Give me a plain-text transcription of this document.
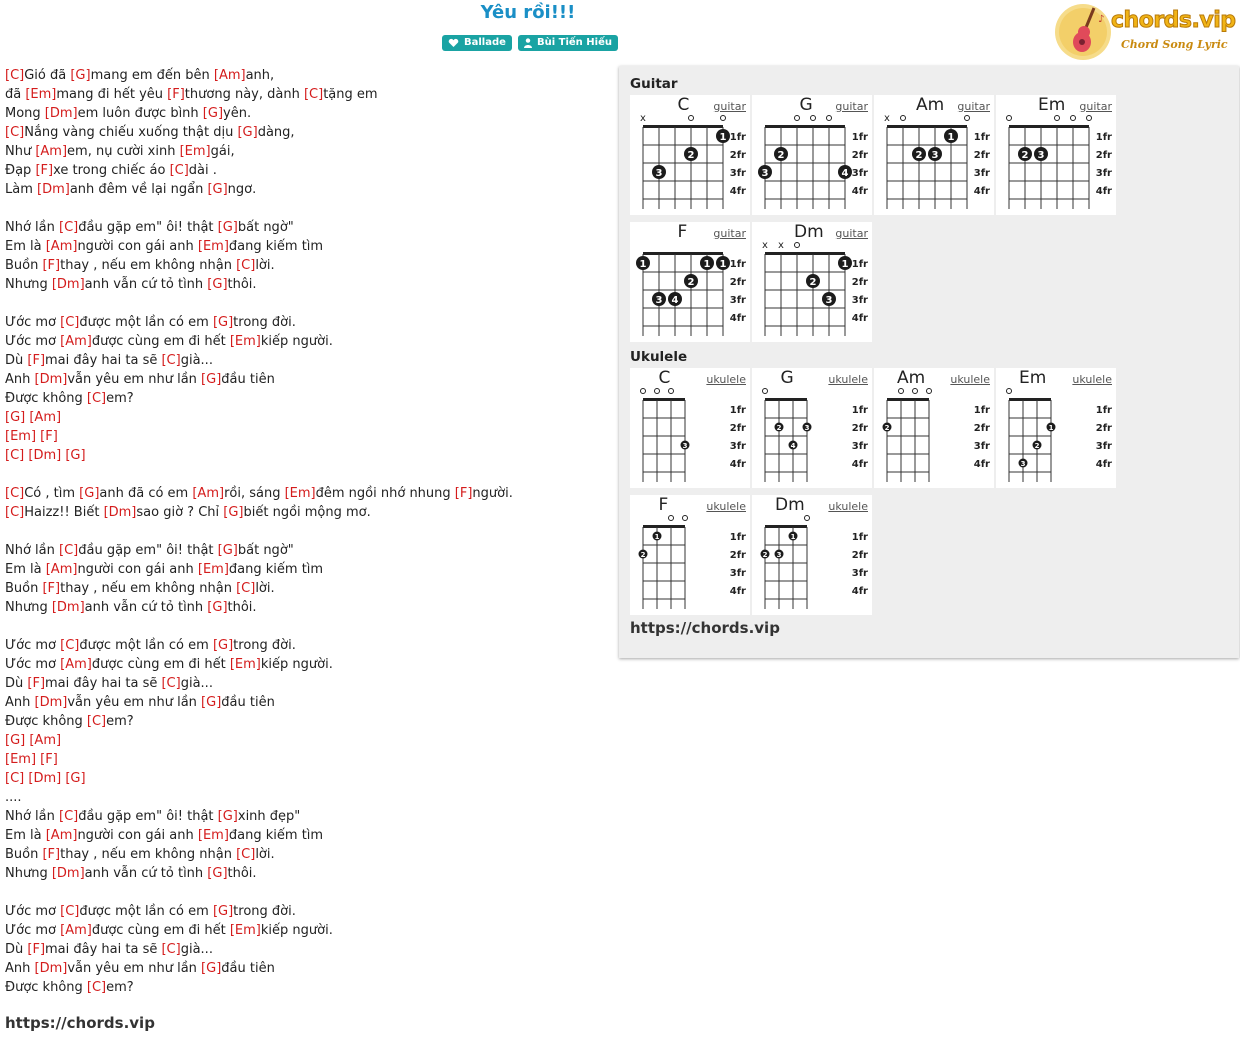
Yêu rồi!!!
Ballade	Bùi Tiến Hiếu
♪ chords.vip
Chord Song Lyric
[C]Gió đã [G]mang em đến bên [Am]anh,
đã [Em]mang đi hết yêu [F]thương này, dành [C]tặng em
Mong [Dm]em luôn được bình [G]yên.
[C]Nắng vàng chiếu xuống thật dịu [G]dàng,
Như [Am]em, nụ cười xinh [Em]gái,
Đạp [F]xe trong chiếc áo [C]dài .
Làm [Dm]anh đêm về lại ngẩn [G]ngơ.
Nhớ lần [C]đầu gặp em" ôi! thật [G]bất ngờ"
Em là [Am]người con gái anh [Em]đang kiếm tìm
Buồn [F]thay , nếu em không nhận [C]lời.
Nhưng [Dm]anh vẫn cứ tỏ tình [G]thôi.
Ước mơ [C]được một lần có em [G]trong đời.
Ước mơ [Am]được cùng em đi hết [Em]kiếp người.
Dù [F]mai đây hai ta sẽ [C]già...
Anh [Dm]vẫn yêu em như lần [G]đầu tiên
Được không [C]em?
[G] [Am]
[Em] [F]
[C] [Dm] [G]
[C]Có , tìm [G]anh đã có em [Am]rồi, sáng [Em]đêm ngồi nhớ nhung [F]người.
[C]Haizz!! Biết [Dm]sao giờ ? Chỉ [G]biết ngồi mộng mơ.
Nhớ lần [C]đầu gặp em" ôi! thật [G]bất ngờ"
Em là [Am]người con gái anh [Em]đang kiếm tìm
Buồn [F]thay , nếu em không nhận [C]lời.
Nhưng [Dm]anh vẫn cứ tỏ tình [G]thôi.
Ước mơ [C]được một lần có em [G]trong đời.
Ước mơ [Am]được cùng em đi hết [Em]kiếp người.
Dù [F]mai đây hai ta sẽ [C]già...
Anh [Dm]vẫn yêu em như lần [G]đầu tiên
Được không [C]em?
[G] [Am]
[Em] [F]
[C] [Dm] [G]
....
Nhớ lần [C]đầu gặp em" ôi! thật [G]xinh đẹp"
Em là [Am]người con gái anh [Em]đang kiếm tìm
Buồn [F]thay , nếu em không nhận [C]lời.
Nhưng [Dm]anh vẫn cứ tỏ tình [G]thôi.
Ước mơ [C]được một lần có em [G]trong đời.
Ước mơ [Am]được cùng em đi hết [Em]kiếp người.
Dù [F]mai đây hai ta sẽ [C]già...
Anh [Dm]vẫn yêu em như lần [G]đầu tiên
Được không [C]em?
https://chords.vip
Guitar
Ukulele
x
1
2
3
1fr
2fr
3fr
4fr
C guitar
2
3	4
1fr
2fr
3fr
4fr
G guitar
x
1
2 3
1fr
2fr
3fr
4fr
Am guitar
2 3
1fr
2fr
3fr
4fr
Em guitar
1	1 1
2
3 4
1fr
2fr
3fr
4fr
F guitar
x x
1
2
3
1fr
2fr
3fr
4fr
Dm guitar
3
1fr
2fr
3fr
4fr
C	ukulele
2	3
4
1fr
2fr
3fr
4fr
G	ukulele
2
1fr
2fr
3fr
4fr
Am ukulele
1
2
3
1fr
2fr
3fr
4fr
Em ukulele
1
2
1fr
2fr
3fr
4fr
F	ukulele
1
2 3
1fr
2fr
3fr
4fr
Dm ukulele
https://chords.vip
